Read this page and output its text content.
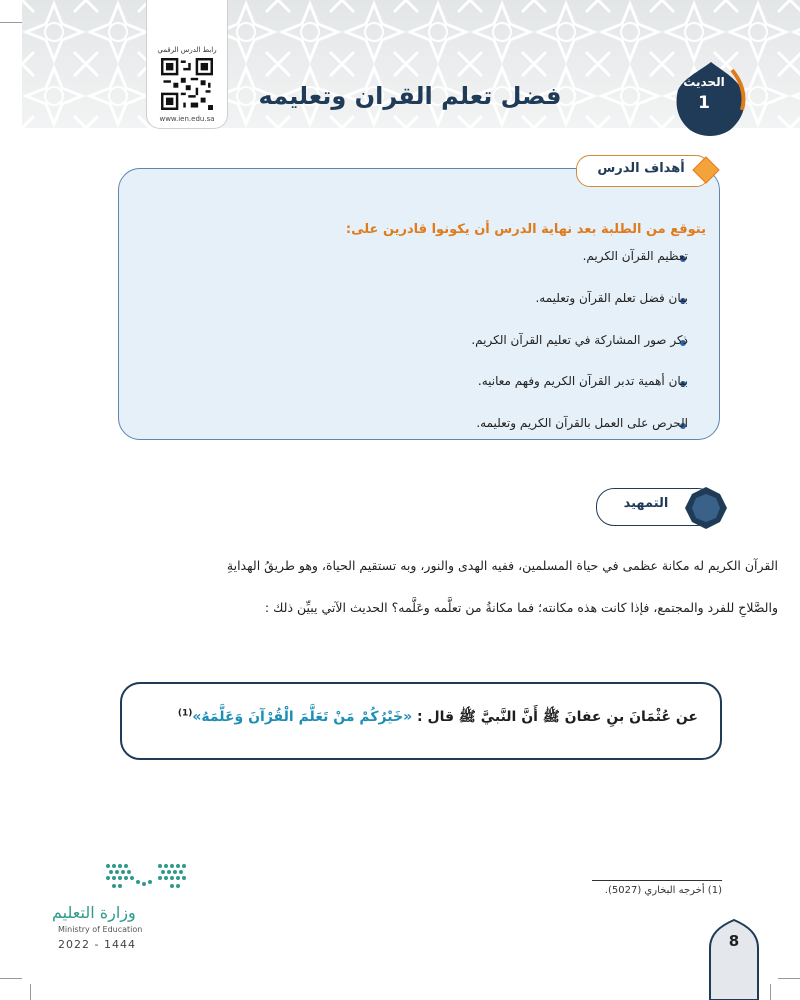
رابط الدرس الرقمي
www.ien.edu.sa
فضل تعلم القران وتعليمه	الحديث
1
أهداف الدرس
يتوقع من الطلبة بعد نهاية الدرس أن يكونوا قادرين على:
تعظيم القرآن الكريم.
بيان فضل تعلم القرآن وتعليمه.
ذكر صور المشاركة في تعليم القرآن الكريم.
بيان أهمية تدبر القرآن الكريم وفهم معانيه.
الحرص على العمل بالقرآن الكريم وتعليمه.
التمهيد
القرآن الكريم له مكانة عظمى في حياة المسلمين، ففيه الهدى والنور، وبه تستقيم الحياة، وهو طريقُ الهدايةِ
والصَّلاحِ للفرد والمجتمع، فإذا كانت هذه مكانته؛ فما مكانةُ من تعلَّمه وعَلَّمه؟ الحديث الآتي يبيِّن ذلك :
عن عُثْمَانَ بنِ عفانَ ﷺ أَنَّ النَّبيَّ ﷺ قال : «خَيْرُكُمْ مَنْ تَعَلَّمَ الْقُرْآنَ وَعَلَّمَهُ»$^{(1)}$
(1) أخرجه البخاري (5027).
وزارة التعليم
Ministry of Education
2022 - 1444	8
